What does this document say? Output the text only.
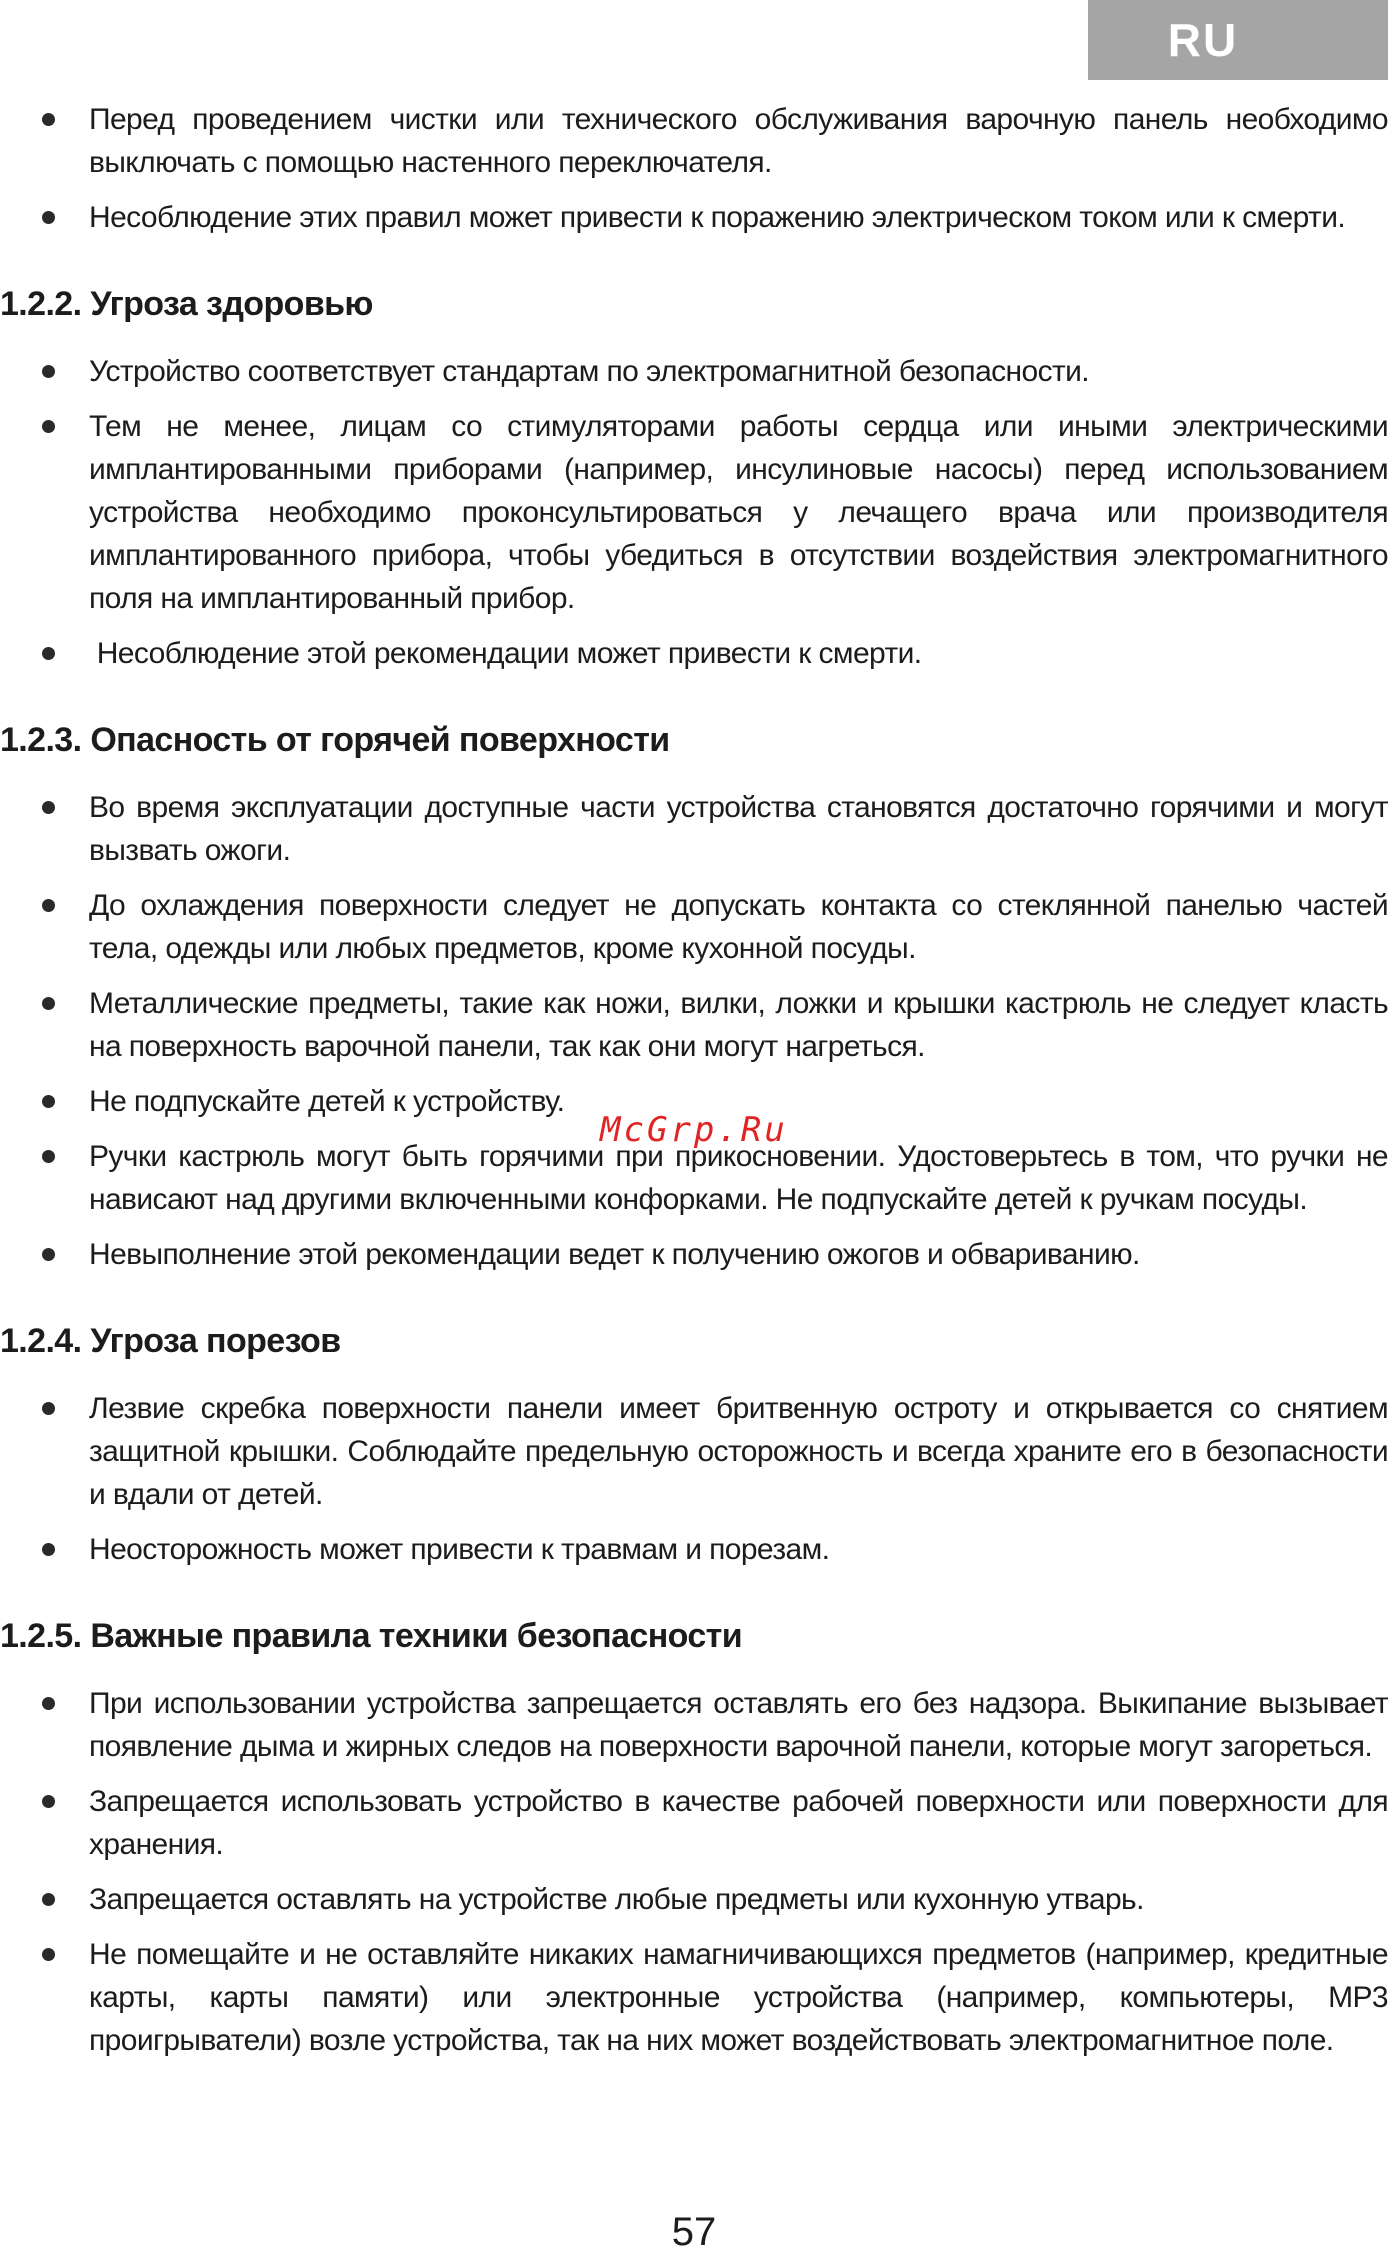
RU
Перед проведением чистки или технического обслуживания варочную панель необходимо выключать с помощью настенного переключателя.
Несоблюдение этих правил может привести к поражению электрическом током или к смерти.
1.2.2. Угроза здоровью
Устройство соответствует стандартам по электромагнитной безопасности.
Тем не менее, лицам со стимуляторами работы сердца или иными электрическими имплантированными приборами (например, инсулиновые насосы) перед использованием устройства необходимо проконсультироваться у лечащего врача или производителя имплантированного прибора, чтобы убедиться в отсутствии воздействия электромагнитного поля на имплантированный прибор.
Несоблюдение этой рекомендации может привести к смерти.
1.2.3. Опасность от горячей поверхности
Во время эксплуатации доступные части устройства становятся достаточно горячими и могут вызвать ожоги.
До охлаждения поверхности следует не допускать контакта со стеклянной панелью частей тела, одежды или любых предметов, кроме кухонной посуды.
Металлические предметы, такие как ножи, вилки, ложки и крышки кастрюль не следует класть на поверхность варочной панели, так как они могут нагреться.
Не подпускайте детей к устройству.
Ручки кастрюль могут быть горячими при прикосновении. Удостоверьтесь в том, что ручки не нависают над другими включенными конфорками. Не подпускайте детей к ручкам посуды.
Невыполнение этой рекомендации ведет к получению ожогов и обвариванию.
1.2.4. Угроза порезов
Лезвие скребка поверхности панели имеет бритвенную остроту и открывается со снятием защитной крышки. Соблюдайте предельную осторожность и всегда храните его в безопасности и вдали от детей.
Неосторожность может привести к травмам и порезам.
1.2.5. Важные правила техники безопасности
При использовании устройства запрещается оставлять его без надзора. Выкипание вызывает появление дыма и жирных следов на поверхности варочной панели, которые могут загореться.
Запрещается использовать устройство в качестве рабочей поверхности или поверхности для хранения.
Запрещается оставлять на устройстве любые предметы или кухонную утварь.
Не помещайте и не оставляйте никаких намагничивающихся предметов (например, кредитные карты, карты памяти) или электронные устройства (например, компьютеры, MP3 проигрыватели) возле устройства, так на них может воздействовать электромагнитное поле.
McGrp.Ru
57
